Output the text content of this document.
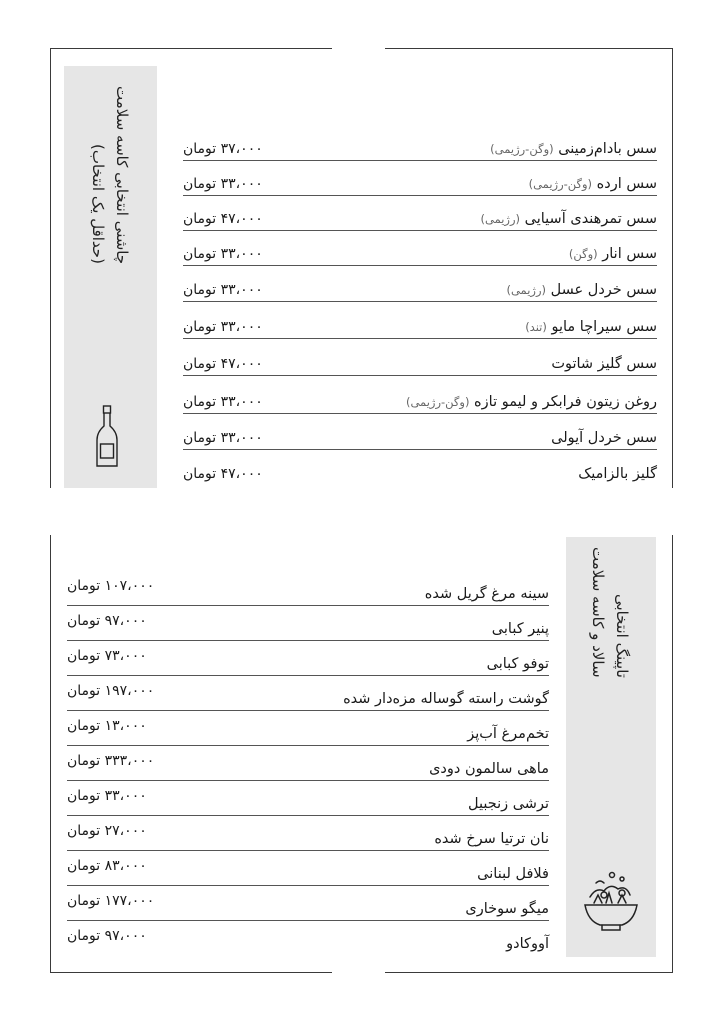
چاشنی انتخابی کاسه سلامت
(حداقل یک انتخاب)	سس بادام‌زمینی (وگن-رژیمی)
۳۷،۰۰۰ تومان
سس ارده (وگن-رژیمی)
۳۳،۰۰۰ تومان
سس تمرهندی آسیایی (رژیمی)
۴۷،۰۰۰ تومان
سس انار (وگن)
۳۳،۰۰۰ تومان
سس خردل عسل (رژیمی)
۳۳،۰۰۰ تومان
سس سیراچا مایو (تند)
۳۳،۰۰۰ تومان
سس گلیز شاتوت
۴۷،۰۰۰ تومان
روغن زیتون فرابکر و لیمو تازه (وگن-رژیمی)
۳۳،۰۰۰ تومان
سس خردل آیولی
۳۳،۰۰۰ تومان
گلیز بالزامیک
۴۷،۰۰۰ تومان
تاپینگ انتخابی
سالاد و کاسه سلامت
سینه مرغ گریل شده
۱۰۷،۰۰۰ تومان
پنیر کبابی
۹۷،۰۰۰ تومان
توفو کبابی
۷۳،۰۰۰ تومان
گوشت راسته گوساله مزه‌دار شده
۱۹۷،۰۰۰ تومان
تخم‌مرغ آب‌پز
۱۳،۰۰۰ تومان
ماهی سالمون دودی
۳۳۳،۰۰۰ تومان
ترشی زنجبیل
۳۳،۰۰۰ تومان
نان ترتیا سرخ شده
۲۷،۰۰۰ تومان
فلافل لبنانی
۸۳،۰۰۰ تومان
میگو سوخاری
۱۷۷،۰۰۰ تومان
آووکادو
۹۷،۰۰۰ تومان
